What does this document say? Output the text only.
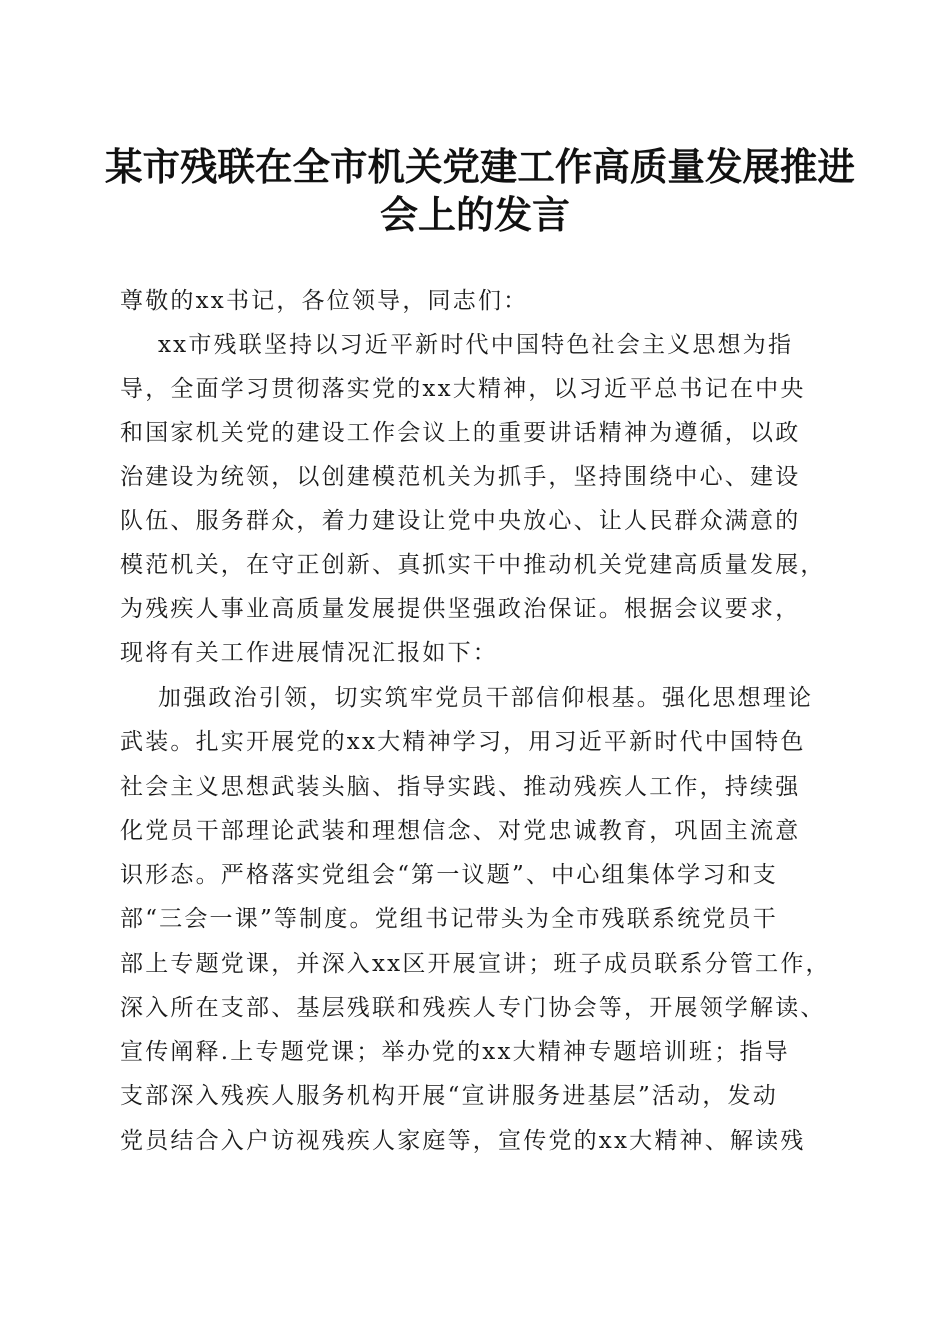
某市残联在全市机关党建工作高质量发展推进
会上的发言
尊敬的xx书记，各位领导，同志们：
xx市残联坚持以习近平新时代中国特色社会主义思想为指
导，全面学习贯彻落实党的xx大精神，以习近平总书记在中央
和国家机关党的建设工作会议上的重要讲话精神为遵循，以政
治建设为统领，以创建模范机关为抓手，坚持围绕中心、建设
队伍、服务群众，着力建设让党中央放心、让人民群众满意的
模范机关，在守正创新、真抓实干中推动机关党建高质量发展，
为残疾人事业高质量发展提供坚强政治保证。根据会议要求，
现将有关工作进展情况汇报如下：
加强政治引领，切实筑牢党员干部信仰根基。强化思想理论
武装。扎实开展党的xx大精神学习，用习近平新时代中国特色
社会主义思想武装头脑、指导实践、推动残疾人工作，持续强
化党员干部理论武装和理想信念、对党忠诚教育，巩固主流意
识形态。严格落实党组会“第一议题”、中心组集体学习和支
部“三会一课”等制度。党组书记带头为全市残联系统党员干
部上专题党课，并深入xx区开展宣讲；班子成员联系分管工作，
深入所在支部、基层残联和残疾人专门协会等，开展领学解读、
宣传阐释.上专题党课；举办党的xx大精神专题培训班；指导
支部深入残疾人服务机构开展“宣讲服务进基层”活动，发动
党员结合入户访视残疾人家庭等，宣传党的xx大精神、解读残
